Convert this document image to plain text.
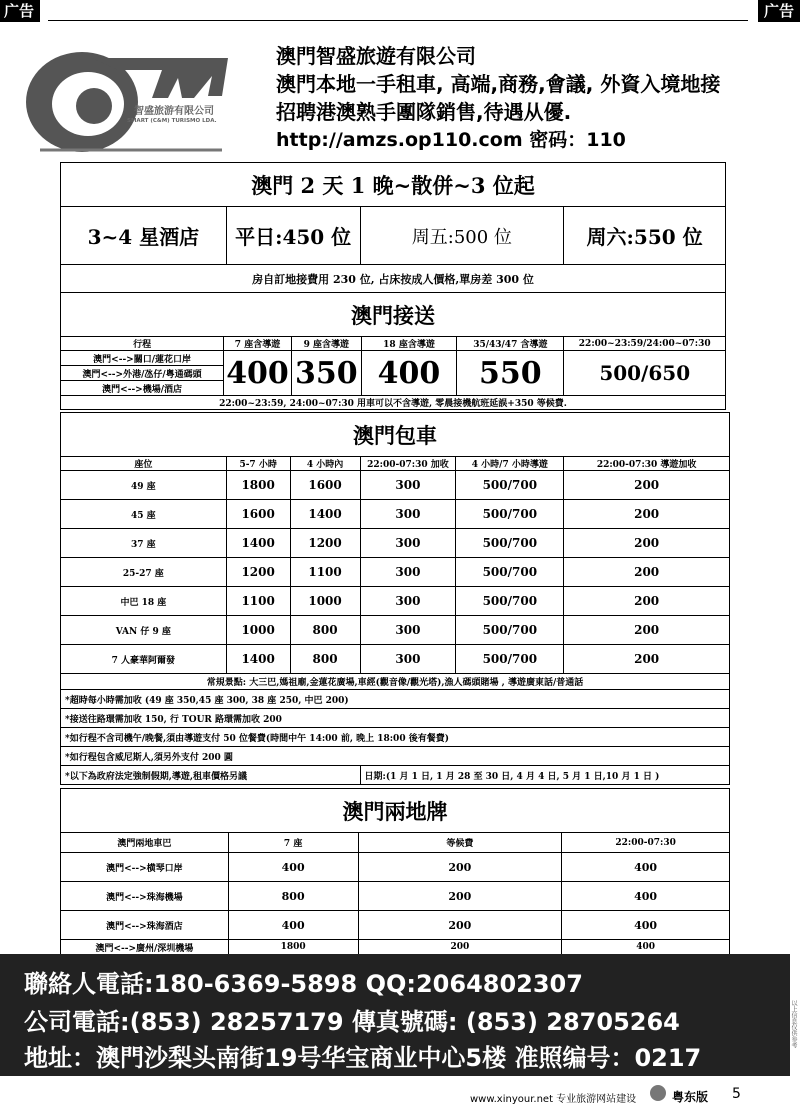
广告	广告
智盛旅游有限公司
SMART (C&M) TURISMO LDA.
澳門智盛旅遊有限公司
澳門本地一手租車, 高端,商務,會議, 外資入境地接
招聘港澳熟手團隊銷售,待遇从優.
http://amzs.op110.com 密码：110
澳門 2 天 1 晚~散併~3 位起
3~4 星酒店	平日:450 位	周五:500 位	周六:550 位
房自訂地接費用 230 位, 占床按成人價格,單房差 300 位
澳門接送					
行程	7 座含導遊	9 座含導遊	18 座含導遊	35/43/47 含導遊	22:00~23:59/24:00~07:30
澳門<-->關口/蓮花口岸	400	350	400	550	500/650
澳門<-->外港/氹仔/粤通碼頭					
澳門<-->機場/酒店					
22:00~23:59, 24:00~07:30 用車可以不含導遊, 零晨接機航班延誤+350 等候費.					
澳門包車					
座位	5-7 小時	4 小時內	22:00-07:30 加收	4 小時/7 小時導遊	22:00-07:30 導遊加收
49 座	1800	1600	300	500/700	200
45 座	1600	1400	300	500/700	200
37 座	1400	1200	300	500/700	200
25-27 座	1200	1100	300	500/700	200
中巴 18 座	1100	1000	300	500/700	200
VAN 仔 9 座	1000	800	300	500/700	200
7 人豪華阿爾發	1400	800	300	500/700	200
常規景點: 大三巴,媽祖廟,金蓮花廣場,車經(觀音像/觀光塔),漁人碼頭賭場 , 導遊廣東話/普通話					
*超時每小時需加收 (49 座 350,45 座 300, 38 座 250, 中巴 200)					
*接送往路環需加收 150, 行 TOUR 路環需加收 200					
*如行程不含司機午/晚餐,須由導遊支付 50 位餐費(時間中午 14:00 前, 晚上 18:00 後有餐費)					
*如行程包含威尼斯人,須另外支付 200 圓					
*以下為政府法定強制假期,導遊,租車價格另議			日期:(1 月 1 日, 1 月 28 至 30 日, 4 月 4 日, 5 月 1 日,10 月 1 日 )		
澳門兩地牌			
澳門兩地車巴	7 座	等候費	22:00-07:30
澳門<-->横琴口岸	400	200	400
澳門<-->珠海機場	800	200	400
澳門<-->珠海酒店	400	200	400
澳門<-->廣州/深圳機場	1800	200	400
聯絡人電話:180-6369-5898 QQ:2064802307
公司電話:(853) 28257179 傳真號碼: (853) 28705264
地址：澳門沙梨头南街19号华宝商业中心5楼 准照编号：0217
以上信息仅供参考
www.xinyour.net 专业旅游网站建设	粤东版 5
